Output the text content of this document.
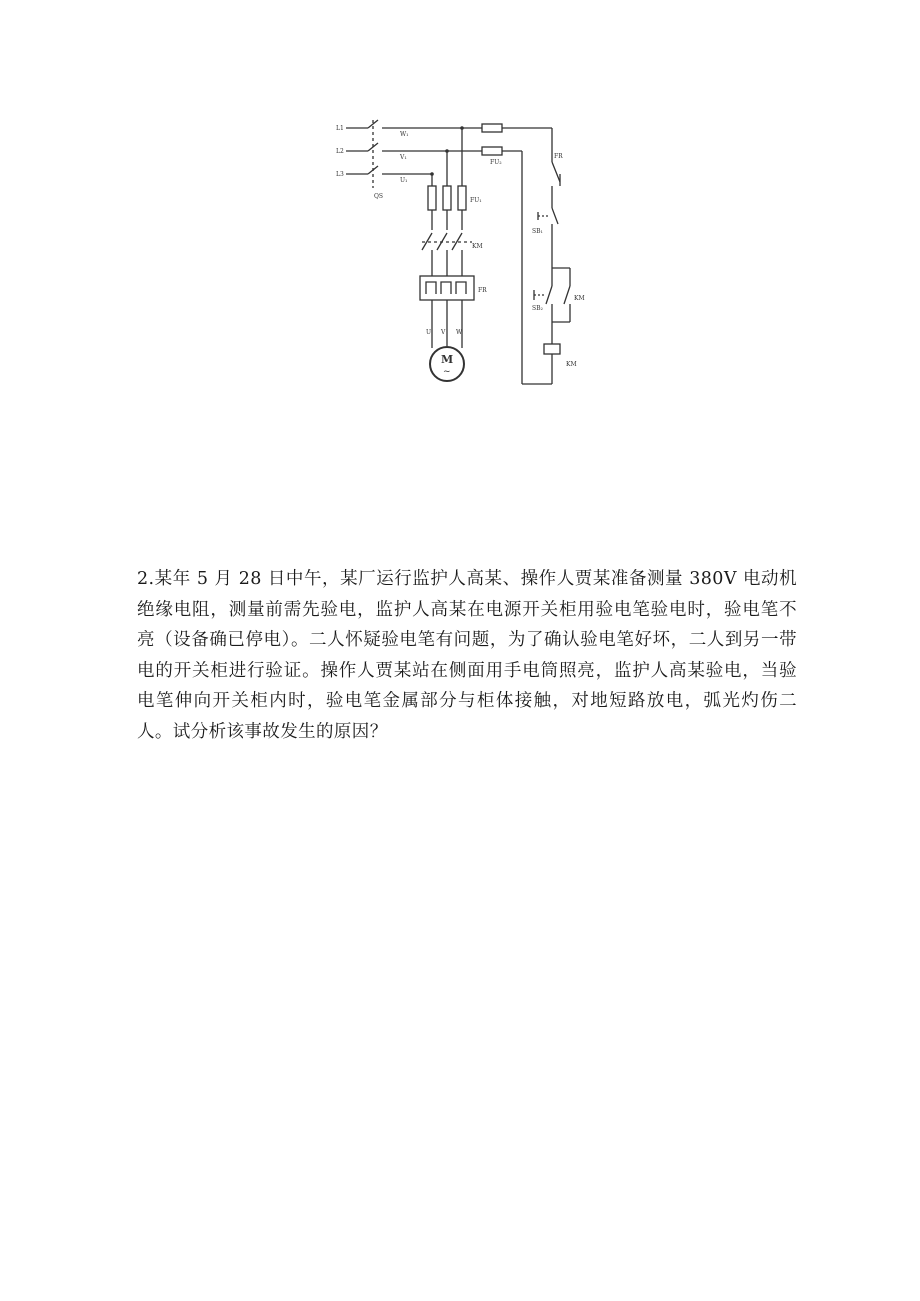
L1
L2
L3
W₁
V₁
U₁
QS
FU₁
FU₂
KM
FR
U V W
M
~
FR
SB₁
SB₂
KM
KM

2.某年 5 月 28 日中午，某厂运行监护人高某、操作人贾某准备测量 380V 电动机绝缘电阻，测量前需先验电，监护人高某在电源开关柜用验电笔验电时，验电笔不亮（设备确已停电）。二人怀疑验电笔有问题，为了确认验电笔好坏，二人到另一带电的开关柜进行验证。操作人贾某站在侧面用手电筒照亮，监护人高某验电，当验电笔伸向开关柜内时，验电笔金属部分与柜体接触，对地短路放电，弧光灼伤二人。试分析该事故发生的原因？
